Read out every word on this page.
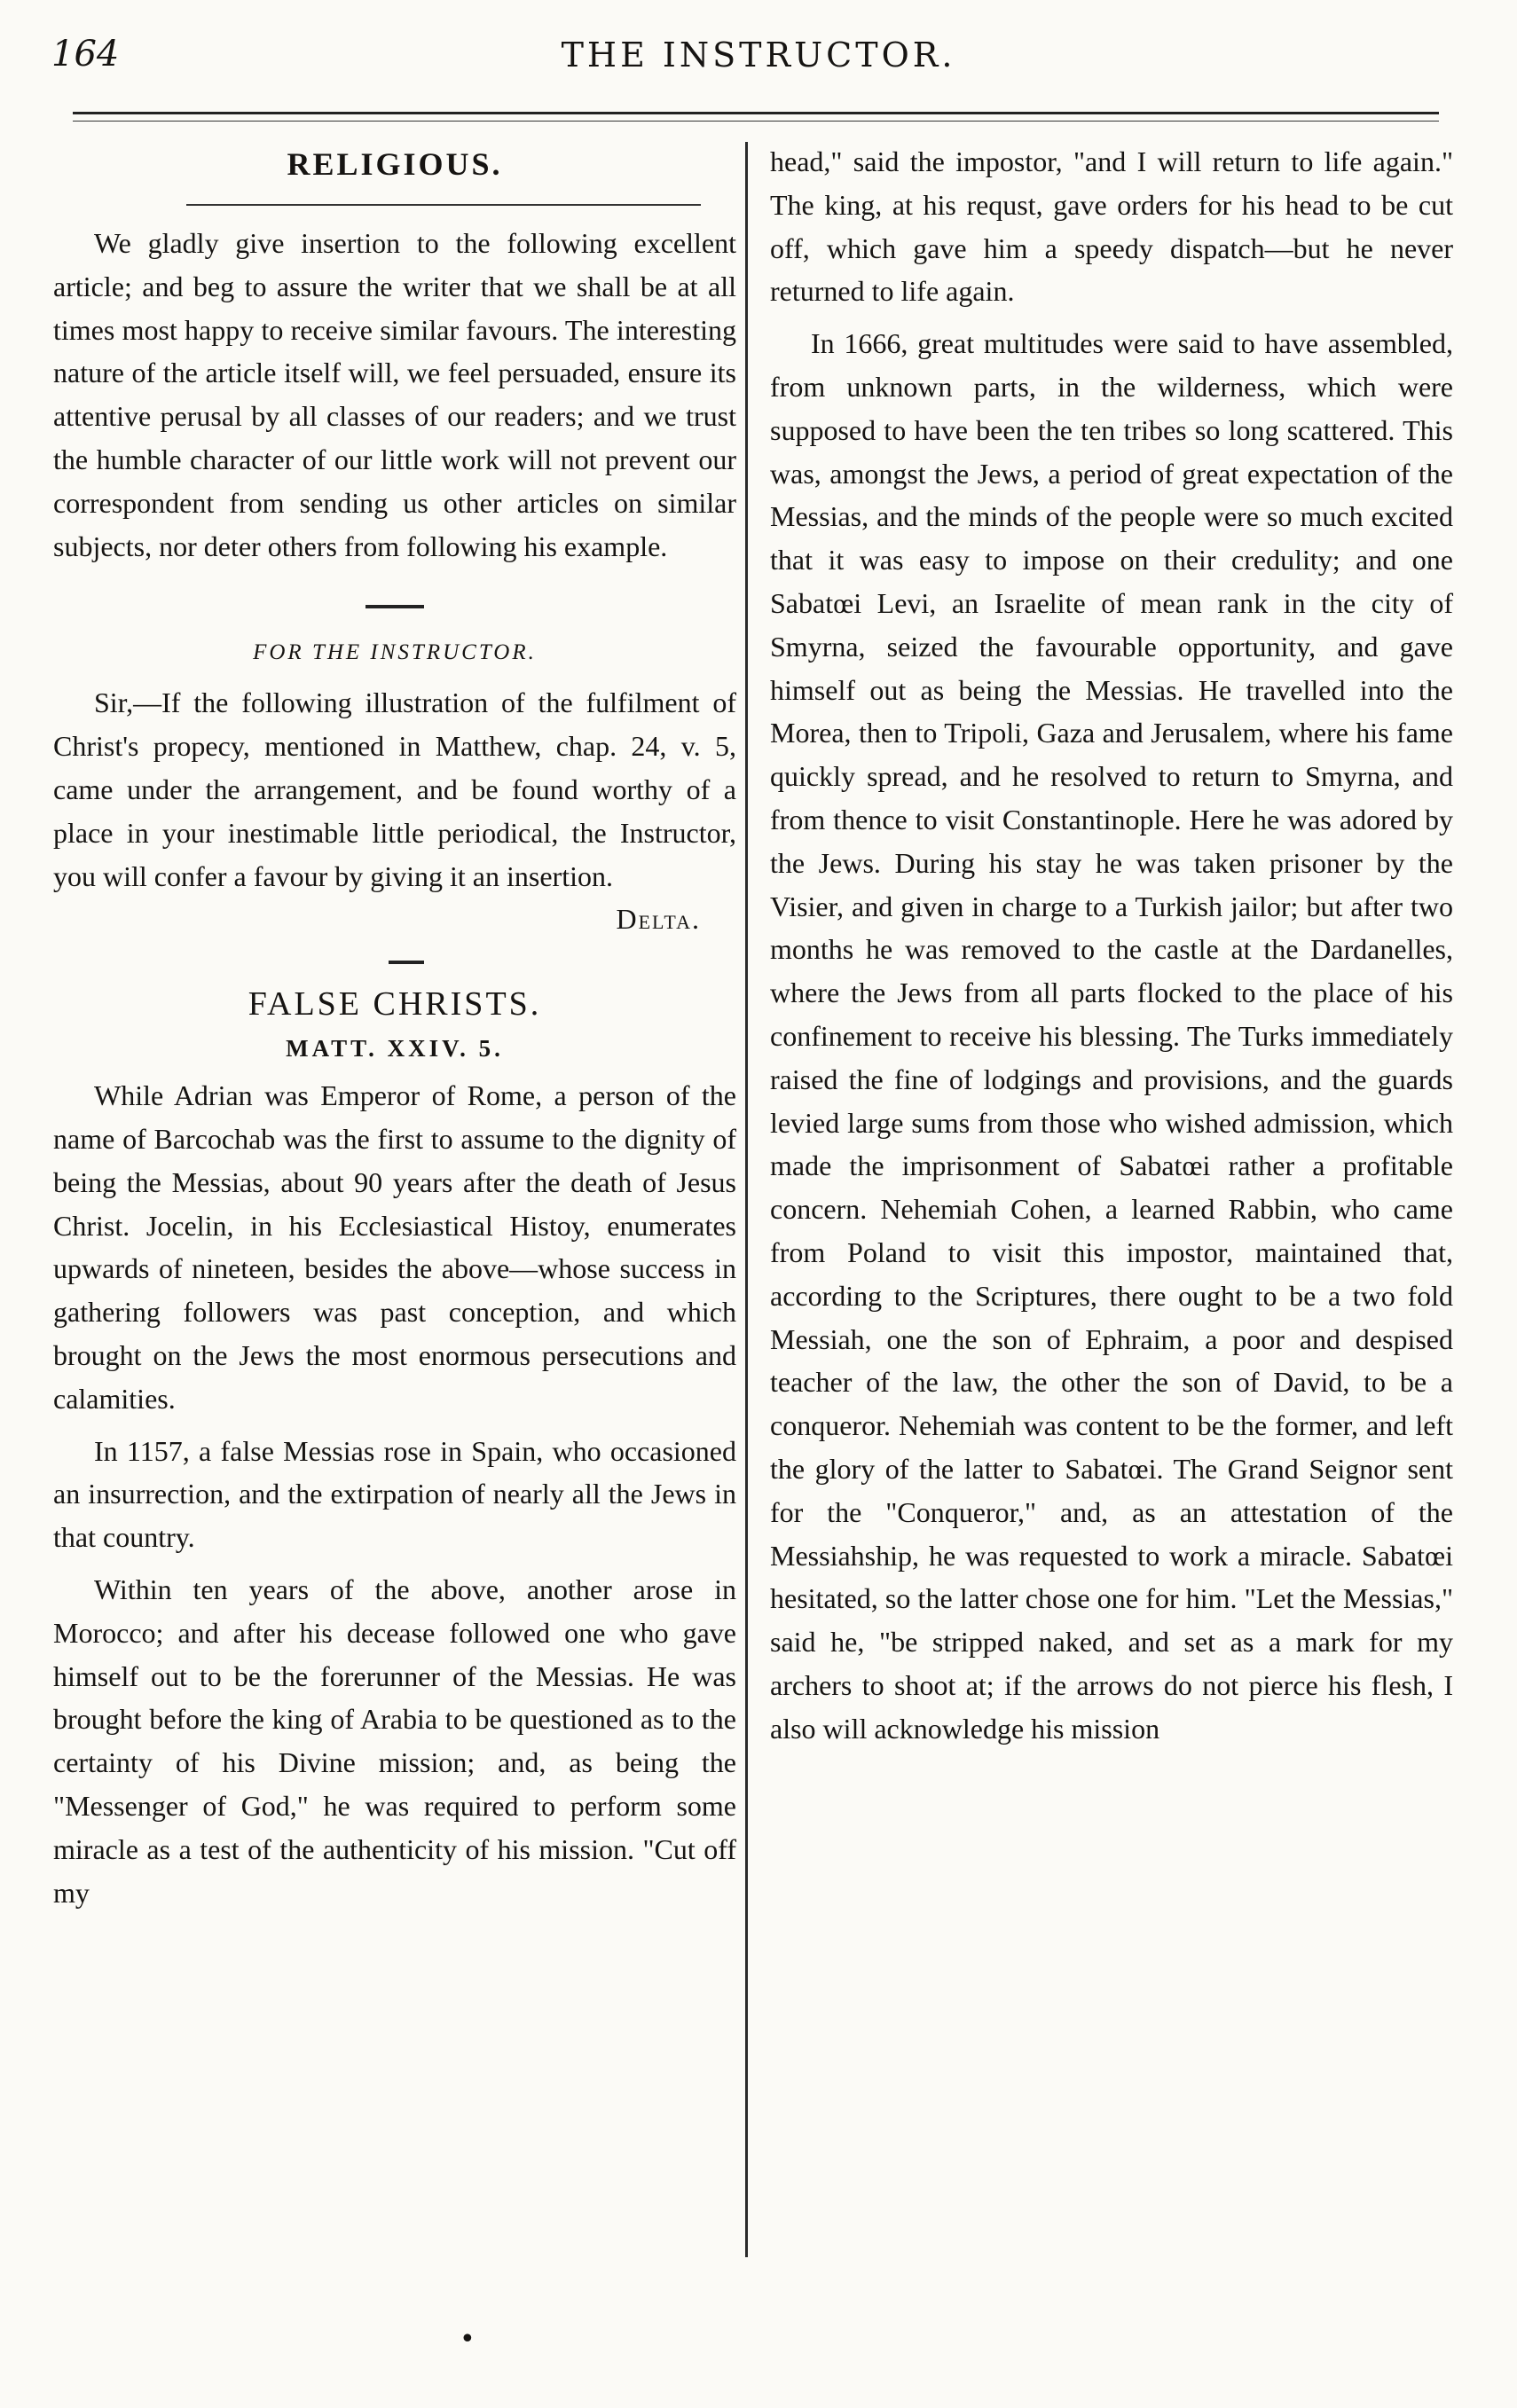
164	THE INSTRUCTOR.
RELIGIOUS.

We gladly give insertion to the following excellent article; and beg to assure the writer that we shall be at all times most happy to receive similar favours. The interesting nature of the article itself will, we feel persuaded, ensure its attentive perusal by all classes of our readers; and we trust the humble character of our little work will not prevent our correspondent from sending us other articles on similar subjects, nor deter others from following his example.

FOR THE INSTRUCTOR.

Sir,—If the following illustration of the fulfilment of Christ's propecy, mentioned in Matthew, chap. 24, v. 5, came under the arrangement, and be found worthy of a place in your inestimable little periodical, the Instructor, you will confer a favour by giving it an insertion.

Delta.
FALSE CHRISTS.
MATT. XXIV. 5.

While Adrian was Emperor of Rome, a person of the name of Barcochab was the first to assume to the dignity of being the Messias, about 90 years after the death of Jesus Christ. Jocelin, in his Ecclesiastical Histoy, enumerates upwards of nineteen, besides the above—whose success in gathering followers was past conception, and which brought on the Jews the most enormous persecutions and calamities.

In 1157, a false Messias rose in Spain, who occasioned an insurrection, and the extirpation of nearly all the Jews in that country.

Within ten years of the above, another arose in Morocco; and after his decease followed one who gave himself out to be the forerunner of the Messias. He was brought before the king of Arabia to be questioned as to the certainty of his Divine mission; and, as being the "Messenger of God," he was required to perform some miracle as a test of the authenticity of his mission. "Cut off my

head," said the impostor, "and I will return to life again." The king, at his requst, gave orders for his head to be cut off, which gave him a speedy dispatch—but he never returned to life again.

In 1666, great multitudes were said to have assembled, from unknown parts, in the wilderness, which were supposed to have been the ten tribes so long scattered. This was, amongst the Jews, a period of great expectation of the Messias, and the minds of the people were so much excited that it was easy to impose on their credulity; and one Sabatœi Levi, an Israelite of mean rank in the city of Smyrna, seized the favourable opportunity, and gave himself out as being the Messias. He travelled into the Morea, then to Tripoli, Gaza and Jerusalem, where his fame quickly spread, and he resolved to return to Smyrna, and from thence to visit Constantinople. Here he was adored by the Jews. During his stay he was taken prisoner by the Visier, and given in charge to a Turkish jailor; but after two months he was removed to the castle at the Dardanelles, where the Jews from all parts flocked to the place of his confinement to receive his blessing. The Turks immediately raised the fine of lodgings and provisions, and the guards levied large sums from those who wished admission, which made the imprisonment of Sabatœi rather a profitable concern. Nehemiah Cohen, a learned Rabbin, who came from Poland to visit this impostor, maintained that, according to the Scriptures, there ought to be a two fold Messiah, one the son of Ephraim, a poor and despised teacher of the law, the other the son of David, to be a conqueror. Nehemiah was content to be the former, and left the glory of the latter to Sabatœi. The Grand Seignor sent for the "Conqueror," and, as an attestation of the Messiahship, he was requested to work a miracle. Sabatœi hesitated, so the latter chose one for him. "Let the Messias," said he, "be stripped naked, and set as a mark for my archers to shoot at; if the arrows do not pierce his flesh, I also will acknowledge his mission

•
